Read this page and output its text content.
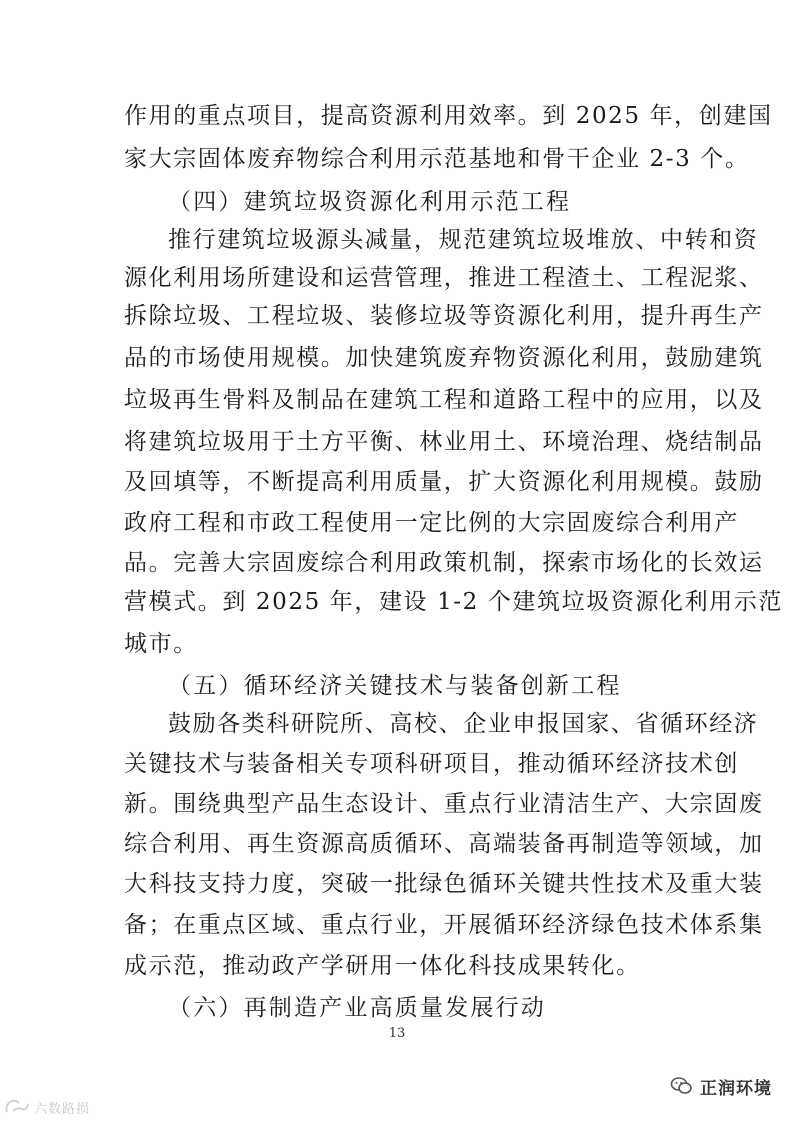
作用的重点项目，提高资源利用效率。到 2025 年，创建国
家大宗固体废弃物综合利用示范基地和骨干企业 2-3 个。
（四）建筑垃圾资源化利用示范工程
推行建筑垃圾源头减量，规范建筑垃圾堆放、中转和资
源化利用场所建设和运营管理，推进工程渣土、工程泥浆、
拆除垃圾、工程垃圾、装修垃圾等资源化利用，提升再生产
品的市场使用规模。加快建筑废弃物资源化利用，鼓励建筑
垃圾再生骨料及制品在建筑工程和道路工程中的应用，以及
将建筑垃圾用于土方平衡、林业用土、环境治理、烧结制品
及回填等，不断提高利用质量，扩大资源化利用规模。鼓励
政府工程和市政工程使用一定比例的大宗固废综合利用产
品。完善大宗固废综合利用政策机制，探索市场化的长效运
营模式。到 2025 年，建设 1-2 个建筑垃圾资源化利用示范
城市。
（五）循环经济关键技术与装备创新工程
鼓励各类科研院所、高校、企业申报国家、省循环经济
关键技术与装备相关专项科研项目，推动循环经济技术创
新。围绕典型产品生态设计、重点行业清洁生产、大宗固废
综合利用、再生资源高质循环、高端装备再制造等领域，加
大科技支持力度，突破一批绿色循环关键共性技术及重大装
备；在重点区域、重点行业，开展循环经济绿色技术体系集
成示范，推动政产学研用一体化科技成果转化。
（六）再制造产业高质量发展行动
13
六数路损
正润环境
